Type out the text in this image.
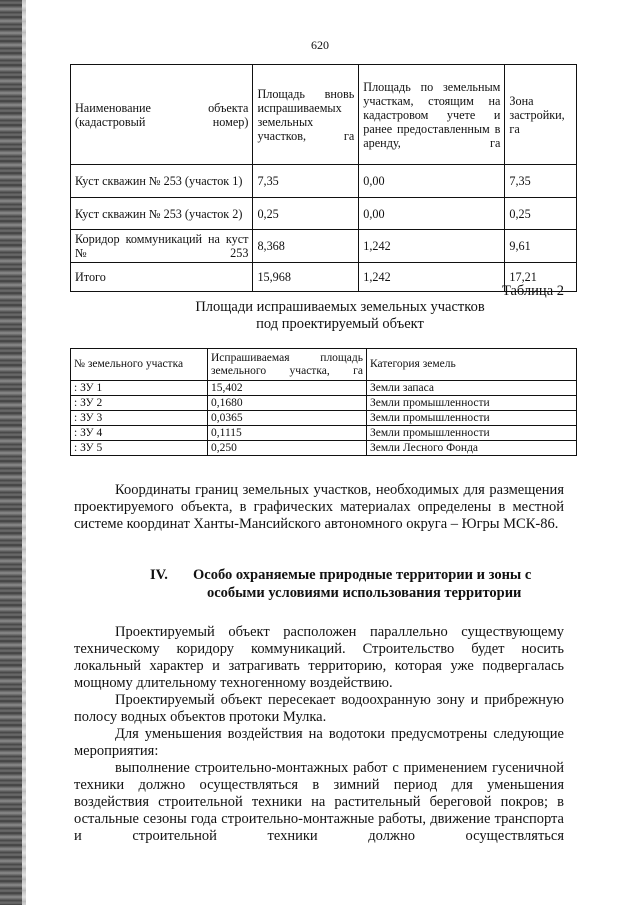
620
Наименование объекта (кадастровый номер)	Площадь вновь испрашиваемых земельных участков, га	Площадь по земельным участкам, стоящим на кадастровом учете и ранее предоставленным в аренду, га	Зона застройки, га
Куст скважин № 253 (участок 1)	7,35	0,00	7,35
Куст скважин № 253 (участок 2)	0,25	0,00	0,25
Коридор коммуникаций на куст № 253	8,368	1,242	9,61
Итого	15,968	1,242	17,21
Таблица 2
Площади испрашиваемых земельных участков
под проектируемый объект
№ земельного участка	Испрашиваемая площадь земельного участка, га	Категория земель
: ЗУ 1	15,402	Земли запаса
: ЗУ 2	0,1680	Земли промышленности
: ЗУ 3	0,0365	Земли промышленности
: ЗУ 4	0,1115	Земли промышленности
: ЗУ 5	0,250	Земли Лесного Фонда

Координаты границ земельных участков, необходимых для размещения проектируемого объекта, в графических материалах определены в местной системе координат Ханты-Мансийского автономного округа – Югры МСК-86.

IV. Особо охраняемые природные территории и зоны с
особыми условиями использования территории

Проектируемый объект расположен параллельно существующему техническому коридору коммуникаций. Строительство будет носить локальный характер и затрагивать территорию, которая уже подвергалась мощному длительному техногенному воздействию.

Проектируемый объект пересекает водоохранную зону и прибрежную полосу водных объектов протоки Мулка.

Для уменьшения воздействия на водотоки предусмотрены следующие мероприятия:

выполнение строительно-монтажных работ с применением гусеничной техники должно осуществляться в зимний период для уменьшения воздействия строительной техники на растительный береговой покров; в остальные сезоны года строительно-монтажные работы, движение транспорта и строительной техники должно осуществляться
